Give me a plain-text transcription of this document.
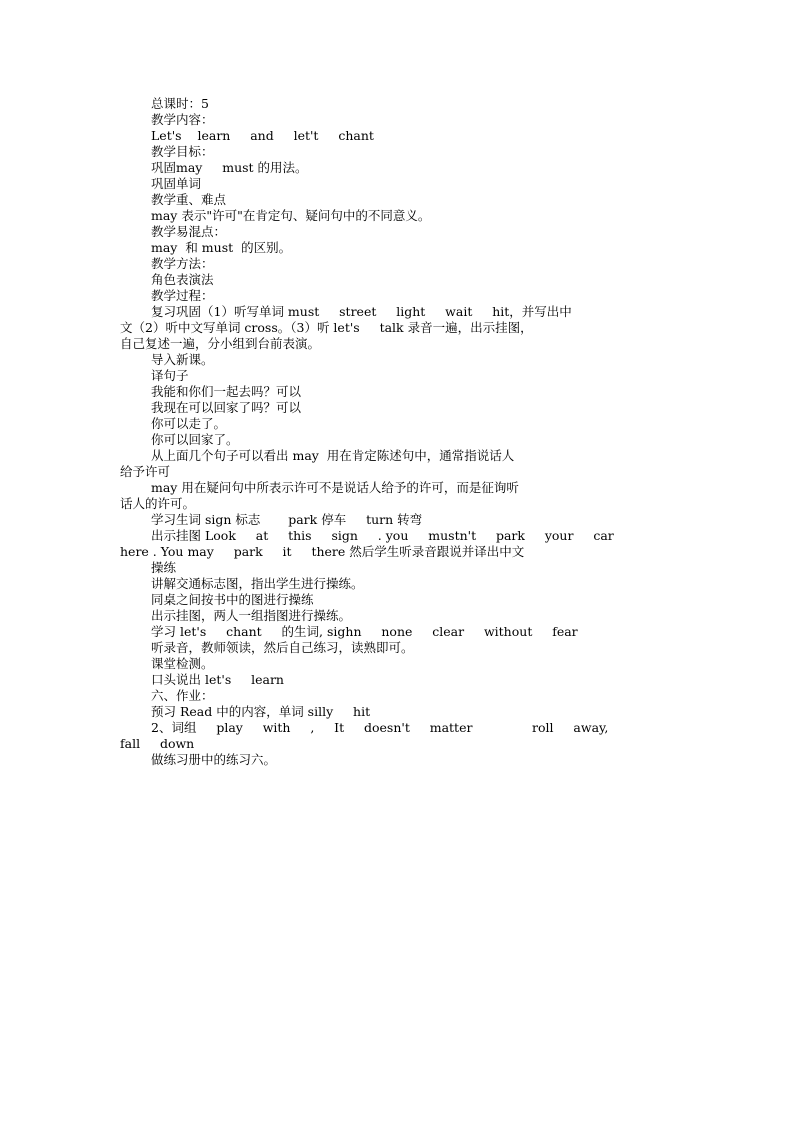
总课时：5
教学内容：
Let's    learn     and     let't     chant
教学目标：
巩固may     must 的用法。
巩固单词
教学重、难点
may 表示"许可"在肯定句、疑问句中的不同意义。
教学易混点：
may  和 must  的区别。
教学方法：
角色表演法
教学过程：
复习巩固（1）听写单词 must     street     light     wait     hit，并写出中
文（2）听中文写单词 cross。（3）听 let's     talk 录音一遍，出示挂图，
自己复述一遍，分小组到台前表演。
导入新课。
译句子
我能和你们一起去吗？可以
我现在可以回家了吗？可以
你可以走了。
你可以回家了。
从上面几个句子可以看出 may  用在肯定陈述句中，通常指说话人
给予许可
may 用在疑问句中所表示许可不是说话人给予的许可，而是征询听
话人的许可。
学习生词 sign 标志       park 停车     turn 转弯
出示挂图 Look     at     this     sign     . you     mustn't     park     your     car
here . You may     park     it     there 然后学生听录音跟说并译出中文
操练
讲解交通标志图，指出学生进行操练。
同桌之间按书中的图进行操练
出示挂图，两人一组指图进行操练。
学习 let's     chant     的生词, sighn     none     clear     without     fear
听录音，教师领读，然后自己练习，读熟即可。
课堂检测。
口头说出 let's     learn
六、作业：
预习 Read 中的内容，单词 silly     hit
2、词组     play     with     ,     It     doesn't     matter               roll     away,
fall     down
做练习册中的练习六。
